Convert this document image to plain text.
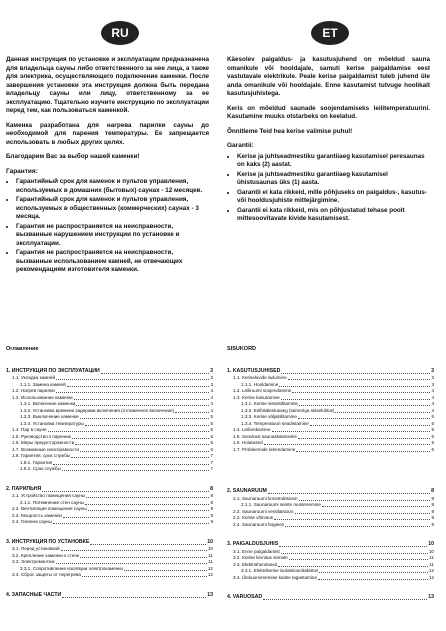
RU	ET

Данная инструкция по установке и эксплуатации предназначена для владельца сауны либо ответственного за нее лица, а также для электрика, осуществляющего подключение каменки. После завершения установки эта инструкция должна быть передана владельцу сауны или лицу, ответственному за ее эксплуатацию. Тщательно изучите инструкцию по эксплуатации перед тем, как пользоваться каменкой.

Каменка разработана для нагрева парилки сауны до необходимой для парения температуры. Ее запрещается использовать в любых других целях.

Благодарим Вас за выбор нашей каменки!

Гарантия:
• Гарантийный срок для каменок и пультов управления, используемых в домашних (бытовых) саунах - 12 месяцев.
• Гарантийный срок для каменок и пультов управления, используемых в общественных (коммерческих) саунах - 3 месяца.
• Гарантия не распространяется на неисправности, вызванные нарушением инструкции по установке и эксплуатации.
• Гарантия не распространяется на неисправности, вызванные использованием камней, не отвечающих рекомендациям изготовителя каменки.

Käesolev paigaldus- ja kasutusjuhend on mõeldud sauna omanikule või hooldajale, samuti kerise paigaldamise eest vastutavale elektrikule. Peale kerise paigaldamist tuleb juhend üle anda omanikule või hooldajale. Enne kasutamist tutvuge hoolikalt kasutusjuhistega.

Keris on mõeldud saunade soojendamiseks leilitemperatuurini. Kasutamine muuks otstarbeks on keelatud.

Õnnitleme Teid hea kerise valimise puhul!

Garantii:
• Kerise ja juhtseadmestiku garantiiaeg kasutamisel peresaunas on kaks (2) aastat.
• Kerise ja juhtseadmestiku garantiiaeg kasutamisel ühistusaunas üks (1) aasta.
• Garantii ei kata rikkeid, mille põhjuseks on paigaldus-, kasutus- või hooldusjuhiste mittejärgimine.
• Garantii ei kata rikkeid, mis on põhjustatud tehase poolt mittesoovitavate kivide kasutamisest.
Оглавление
1. ИНСТРУКЦИЯ ПО ЭКСПЛУАТАЦИИ	3
1.1. Укладка камней	3
1.1.1. Замена камней	3
1.2. Нагрев парилки	4
1.3. Использование каменки	4
1.3.1. Включение каменки	4
1.3.2. Установка времени задержки включения (отложенное включение)	4
1.3.3. Выключение каменки	5
1.3.4. Установка температуры	5
1.4. Пар в сауне	5
1.5. Руководство к парению	6
1.6. Меры предосторожности	6
1.7. Возможные неисправности	6
1.8. Гарантия, срок службы	7
1.8.1. Гарантия	7
1.8.2. Срок службы	7
2. ПАРИЛЬНЯ	8
2.1. Устройство помещения сауны	8
2.1.1. Потемнение стен сауны	8
2.2. Вентиляция помещения сауны	9
2.3. Мощность каменки	9
2.4. Гигиена сауны	9
3. ИНСТРУКЦИЯ ПО УСТАНОВКЕ	10
3.1. Перед установкой	10
3.2. Крепление каменки к стене	11
3.3. Электромонтаж	11
3.3.1. Сопротивление изоляции электрокаменки	12
3.4. Сброс защиты от перегрева	12
4. ЗАПАСНЫЕ ЧАСТИ	13
SISUKORD
1. KASUTUSJUHISED	3
1.1. Kerisekivide ladumine	3
1.1.1. Hooldamine	3
1.2. Leiliruumi soojendamine	4
1.3. Kerise kasutamine	4
1.3.1. Kerise sisselülitamine	4
1.3.2. Eelhäälestusaeg (taimeriga sisselülitus)	4
1.3.3. Kerise väljalülitamine	5
1.3.4. Temperatuuri seadistamine	5
1.4. Leiliviskamine	5
1.5. Soovitusi saunaskäimiseks	6
1.6. Hoiatused	6
1.7. Probleemide lahendamine	6
2. SAUNARUUM	8
2.1. Saunaruumi konstruktsioon	8
2.1.1. Saunaruumi seinte mustenemine	8
2.2. Saunaruumi ventilatsioon	9
2.3. Kerise võimsus	9
2.4. Saunaruumi hügieen	9
3. PAIGALDUSJUHIS	10
3.1. Enne paigaldamist	10
3.2. Kerise kinnitus seinale	11
3.3. Elektriühendused	11
3.3.1. Elektrikerise isolatsioonitakistus	12
3.4. Ülekuumenemise kaitse tagastamine	12
4. VARUOSAD	13
